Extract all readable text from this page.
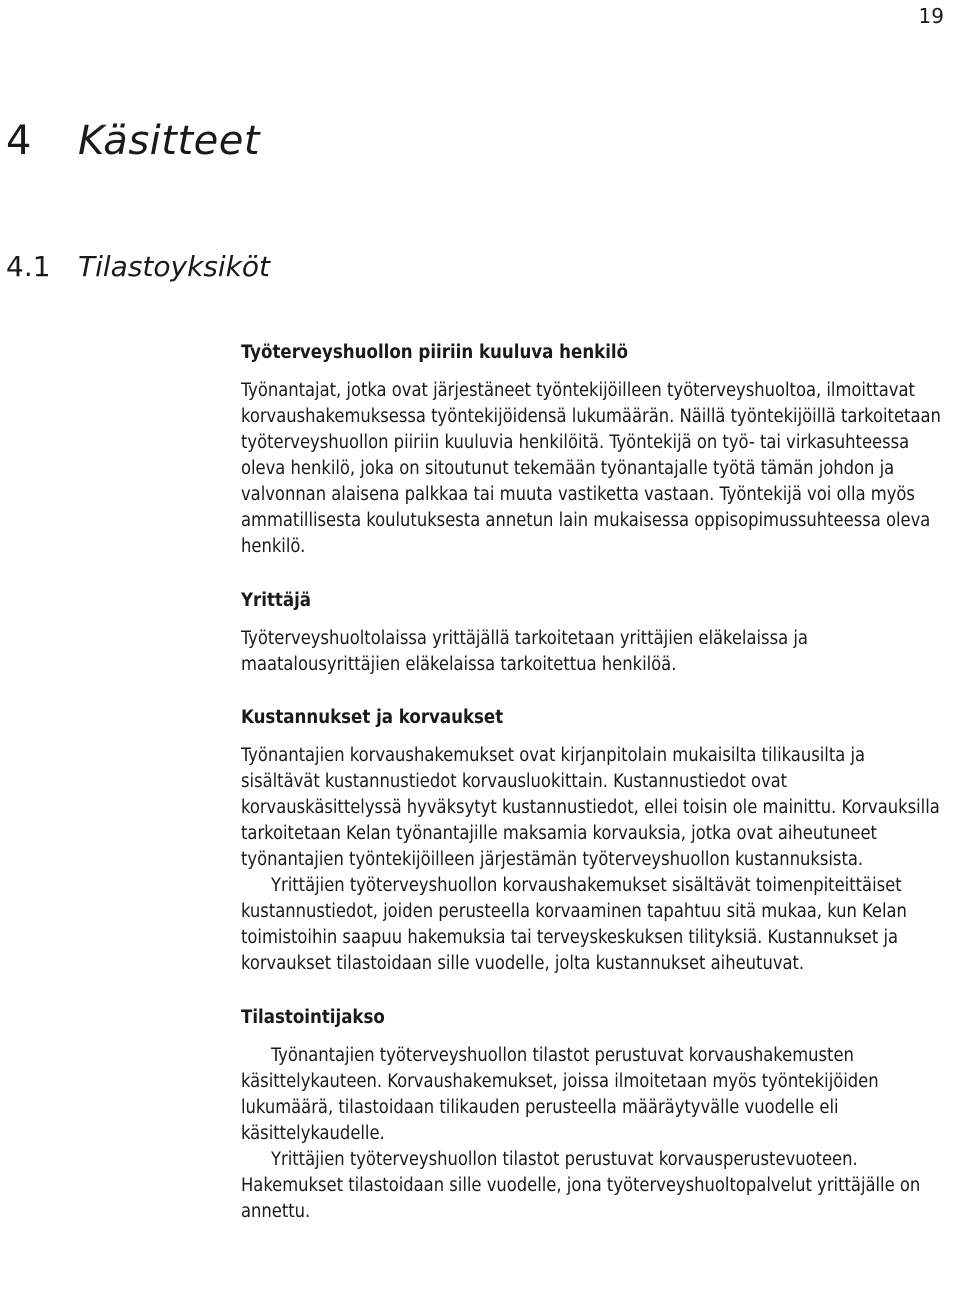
19
4 Käsitteet
4.1 Tilastoyksiköt
Työterveyshuollon piiriin kuuluva henkilö

Työnantajat, jotka ovat järjestäneet työntekijöilleen työterveyshuoltoa, ilmoittavat korvaushakemuksessa työntekijöidensä lukumäärän. Näillä työntekijöillä tarkoitetaan työterveyshuollon piiriin kuuluvia henkilöitä. Työntekijä on työ- tai virkasuhteessa oleva henkilö, joka on sitoutunut tekemään työnantajalle työtä tämän johdon ja valvonnan alaisena palkkaa tai muuta vastiketta vastaan. Työntekijä voi olla myös ammatillisesta koulutuksesta annetun lain mukaisessa oppisopimussuhteessa oleva henkilö.

Yrittäjä

Työterveyshuoltolaissa yrittäjällä tarkoitetaan yrittäjien eläkelaissa ja maatalousyrittäjien eläkelaissa tarkoitettua henkilöä.

Kustannukset ja korvaukset

Työnantajien korvaushakemukset ovat kirjanpitolain mukaisilta tilikausilta ja sisältävät kustannustiedot korvausluokittain. Kustannustiedot ovat korvauskäsittelyssä hyväksytyt kustannustiedot, ellei toisin ole mainittu. Korvauksilla tarkoitetaan Kelan työnantajille maksamia korvauksia, jotka ovat aiheutuneet työnantajien työntekijöilleen järjestämän työterveyshuollon kustannuksista.

Yrittäjien työterveyshuollon korvaushakemukset sisältävät toimenpiteittäiset kustannustiedot, joiden perusteella korvaaminen tapahtuu sitä mukaa, kun Kelan toimistoihin saapuu hakemuksia tai terveyskeskuksen tilityksiä. Kustannukset ja korvaukset tilastoidaan sille vuodelle, jolta kustannukset aiheutuvat.

Tilastointijakso

Työnantajien työterveyshuollon tilastot perustuvat korvaushakemusten käsittelykauteen. Korvaushakemukset, joissa ilmoitetaan myös työntekijöiden lukumäärä, tilastoidaan tilikauden perusteella määräytyvälle vuodelle eli käsittelykaudelle.

Yrittäjien työterveyshuollon tilastot perustuvat korvausperustevuoteen. Hakemukset tilastoidaan sille vuodelle, jona työterveyshuoltopalvelut yrittäjälle on annettu.
